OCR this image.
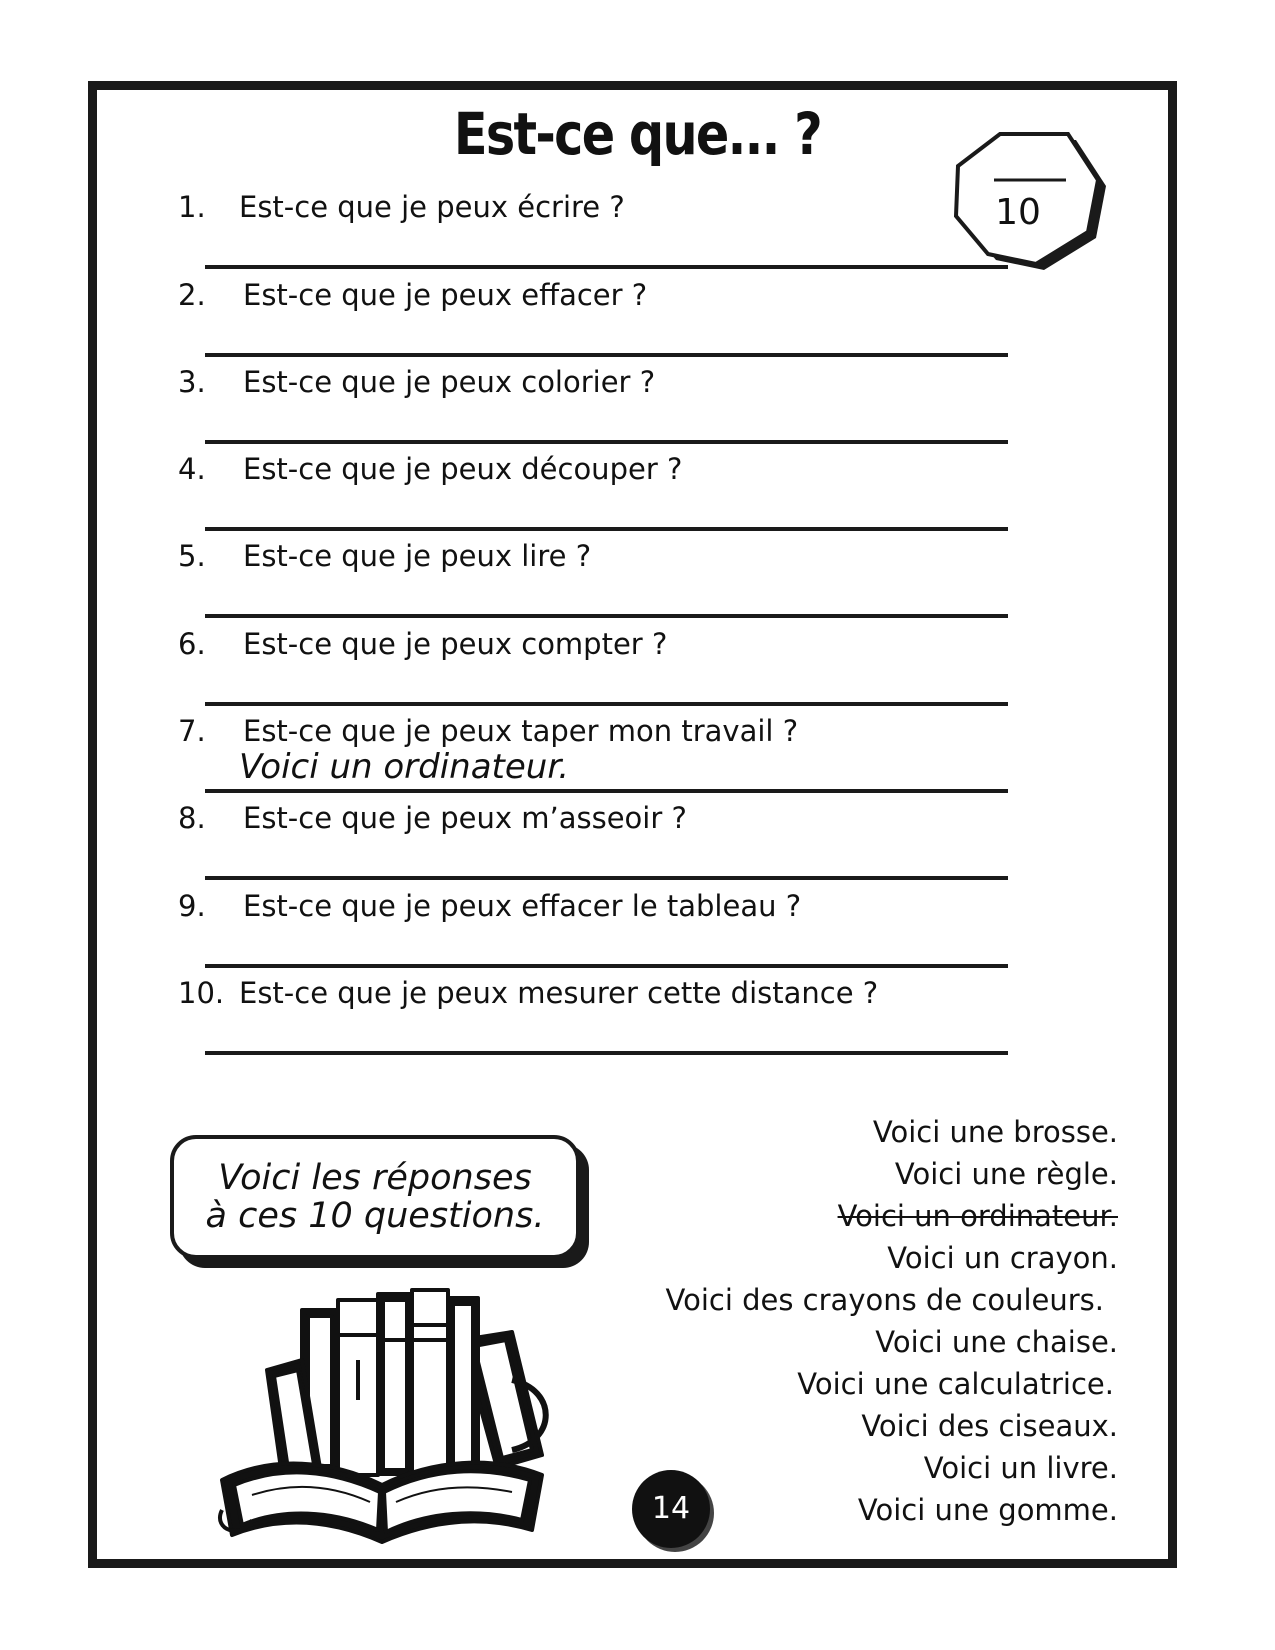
Est-ce que... ?
10
1. Est-ce que je peux écrire ?
2. Est-ce que je peux effacer ?
3. Est-ce que je peux colorier ?
4. Est-ce que je peux découper ?
5. Est-ce que je peux lire ?
6. Est-ce que je peux compter ?
7. Est-ce que je peux taper mon travail ?
Voici un ordinateur.
8. Est-ce que je peux m’asseoir ?
9. Est-ce que je peux effacer le tableau ?
10. Est-ce que je peux mesurer cette distance ?
Voici les réponses
à ces 10 questions.
Voici une brosse.
Voici une règle.
Voici un ordinateur.
Voici un crayon.
Voici des crayons de couleurs.
Voici une chaise.
Voici une calculatrice.
Voici des ciseaux.
Voici un livre.
Voici une gomme.
14
